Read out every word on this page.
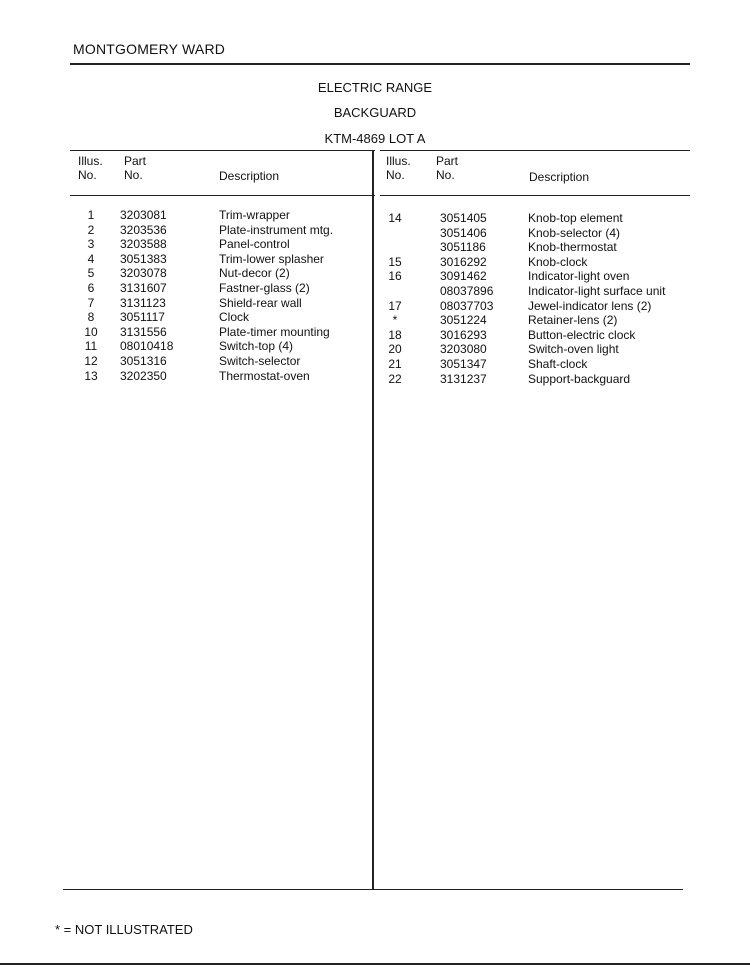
MONTGOMERY WARD
ELECTRIC RANGE
BACKGUARD
KTM-4869 LOT A
Illus.
No.
Part
No.	Description
Illus.
No.
Part
No.	Description
1
2
3
4
5
6
7
8
10
11
12
13
3203081
3203536
3203588
3051383
3203078
3131607
3131123
3051117
3131556
08010418
3051316
3202350
Trim-wrapper
Plate-instrument mtg.
Panel-control
Trim-lower splasher
Nut-decor (2)
Fastner-glass (2)
Shield-rear wall
Clock
Plate-timer mounting
Switch-top (4)
Switch-selector
Thermostat-oven
14
15
16
17
*
18
20
21
22
3051405
3051406
3051186
3016292
3091462
08037896
08037703
3051224
3016293
3203080
3051347
3131237
Knob-top element
Knob-selector (4)
Knob-thermostat
Knob-clock
Indicator-light oven
Indicator-light surface unit
Jewel-indicator lens (2)
Retainer-lens (2)
Button-electric clock
Switch-oven light
Shaft-clock
Support-backguard
* = NOT ILLUSTRATED
